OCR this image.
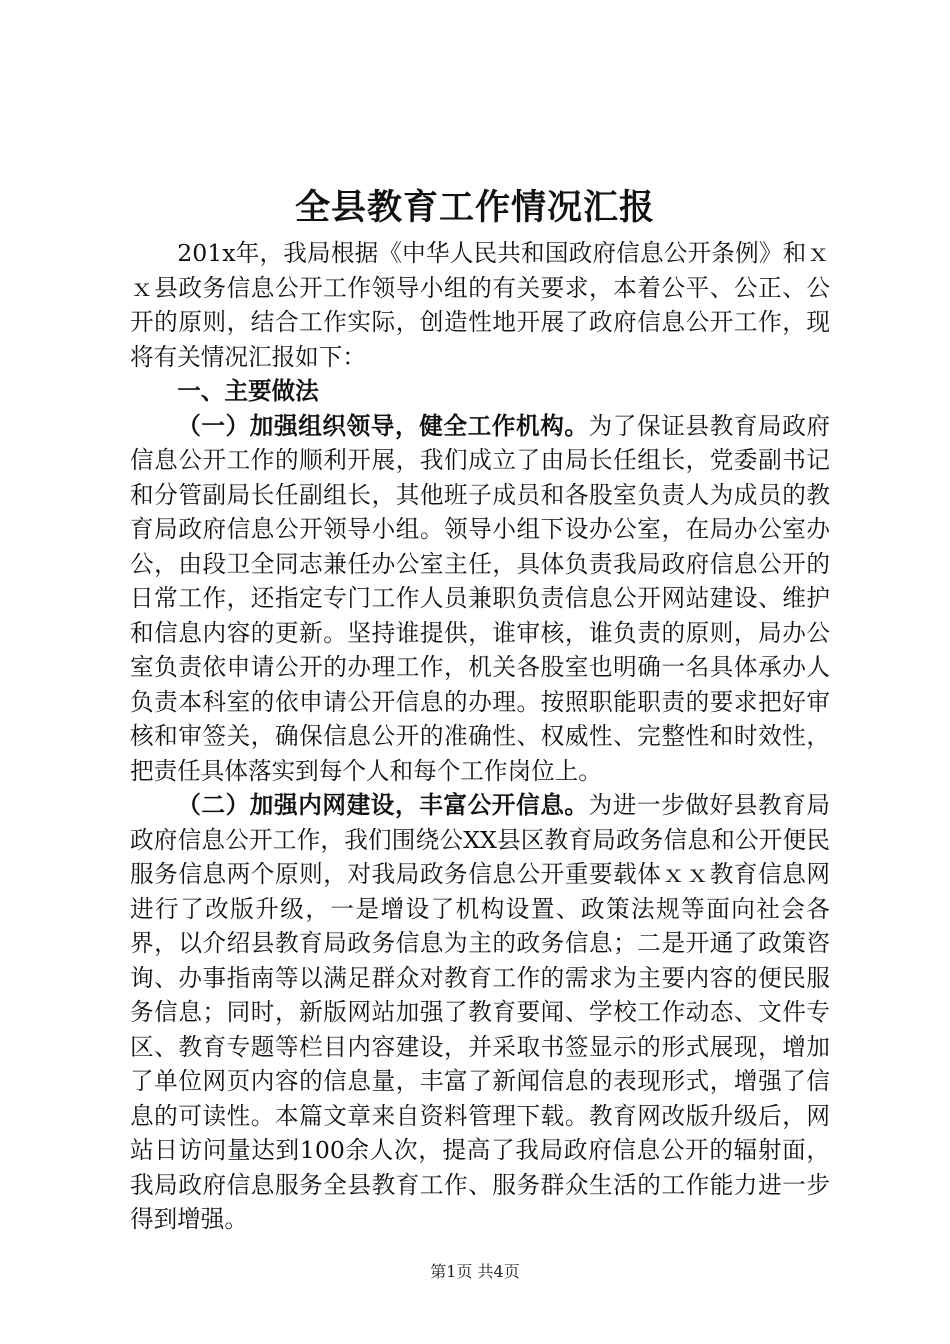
全县教育工作情况汇报

201x年，我局根据《中华人民共和国政府信息公开条例》和ｘｘ县政务信息公开工作领导小组的有关要求，本着公平、公正、公开的原则，结合工作实际，创造性地开展了政府信息公开工作，现将有关情况汇报如下：

一、主要做法

（一）加强组织领导，健全工作机构。为了保证县教育局政府信息公开工作的顺利开展，我们成立了由局长任组长，党委副书记和分管副局长任副组长，其他班子成员和各股室负责人为成员的教育局政府信息公开领导小组。领导小组下设办公室，在局办公室办公，由段卫全同志兼任办公室主任，具体负责我局政府信息公开的日常工作，还指定专门工作人员兼职负责信息公开网站建设、维护和信息内容的更新。坚持谁提供，谁审核，谁负责的原则，局办公室负责依申请公开的办理工作，机关各股室也明确一名具体承办人负责本科室的依申请公开信息的办理。按照职能职责的要求把好审核和审签关，确保信息公开的准确性、权威性、完整性和时效性，把责任具体落实到每个人和每个工作岗位上。

（二）加强内网建设，丰富公开信息。为进一步做好县教育局政府信息公开工作，我们围绕公XX县区教育局政务信息和公开便民服务信息两个原则，对我局政务信息公开重要载体ｘｘ教育信息网进行了改版升级，一是增设了机构设置、政策法规等面向社会各界，以介绍县教育局政务信息为主的政务信息；二是开通了政策咨询、办事指南等以满足群众对教育工作的需求为主要内容的便民服务信息；同时，新版网站加强了教育要闻、学校工作动态、文件专区、教育专题等栏目内容建设，并采取书签显示的形式展现，增加了单位网页内容的信息量，丰富了新闻信息的表现形式，增强了信息的可读性。本篇文章来自资料管理下载。教育网改版升级后，网站日访问量达到100余人次，提高了我局政府信息公开的辐射面，我局政府信息服务全县教育工作、服务群众生活的工作能力进一步得到增强。

第1页 共4页
